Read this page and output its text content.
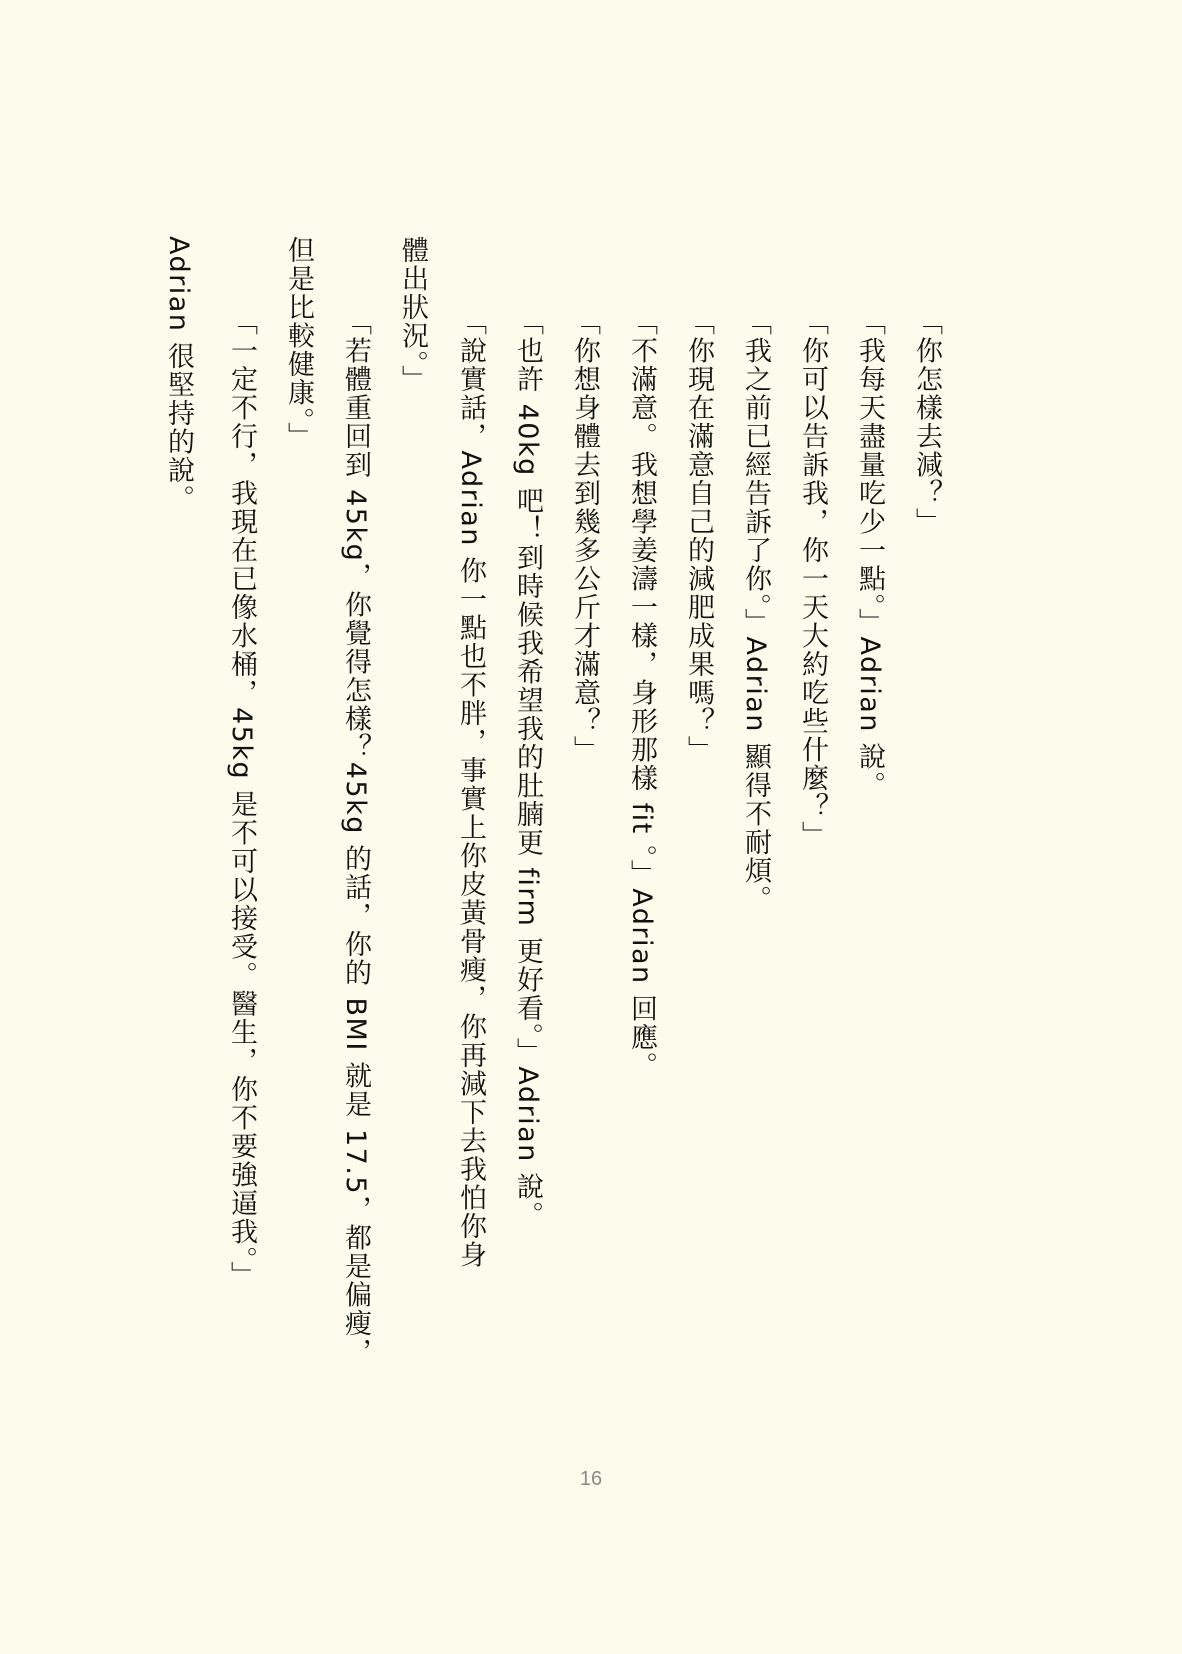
「你怎樣去減？」

「我每天盡量吃少一點。」Adrian 說。

「你可以告訴我，你一天大約吃些什麼？」

「我之前已經告訴了你。」Adrian 顯得不耐煩。

「你現在滿意自己的減肥成果嗎？」

「不滿意。我想學姜濤一樣，身形那樣 fit 。」Adrian 回應。

「你想身體去到幾多公斤才滿意？」

「也許 40kg 吧！到時候我希望我的肚腩更 firm 更好看。」Adrian 說。

「說實話，Adrian 你一點也不胖，事實上你皮黃骨瘦，你再減下去我怕你身

體出狀況。」

「若體重回到 45kg，你覺得怎樣？45kg 的話，你的 BMI 就是 17.5，都是偏瘦，

但是比較健康。」

「一定不行，我現在已像水桶，45kg 是不可以接受。醫生，你不要強逼我。」

Adrian 很堅持的說。

16
